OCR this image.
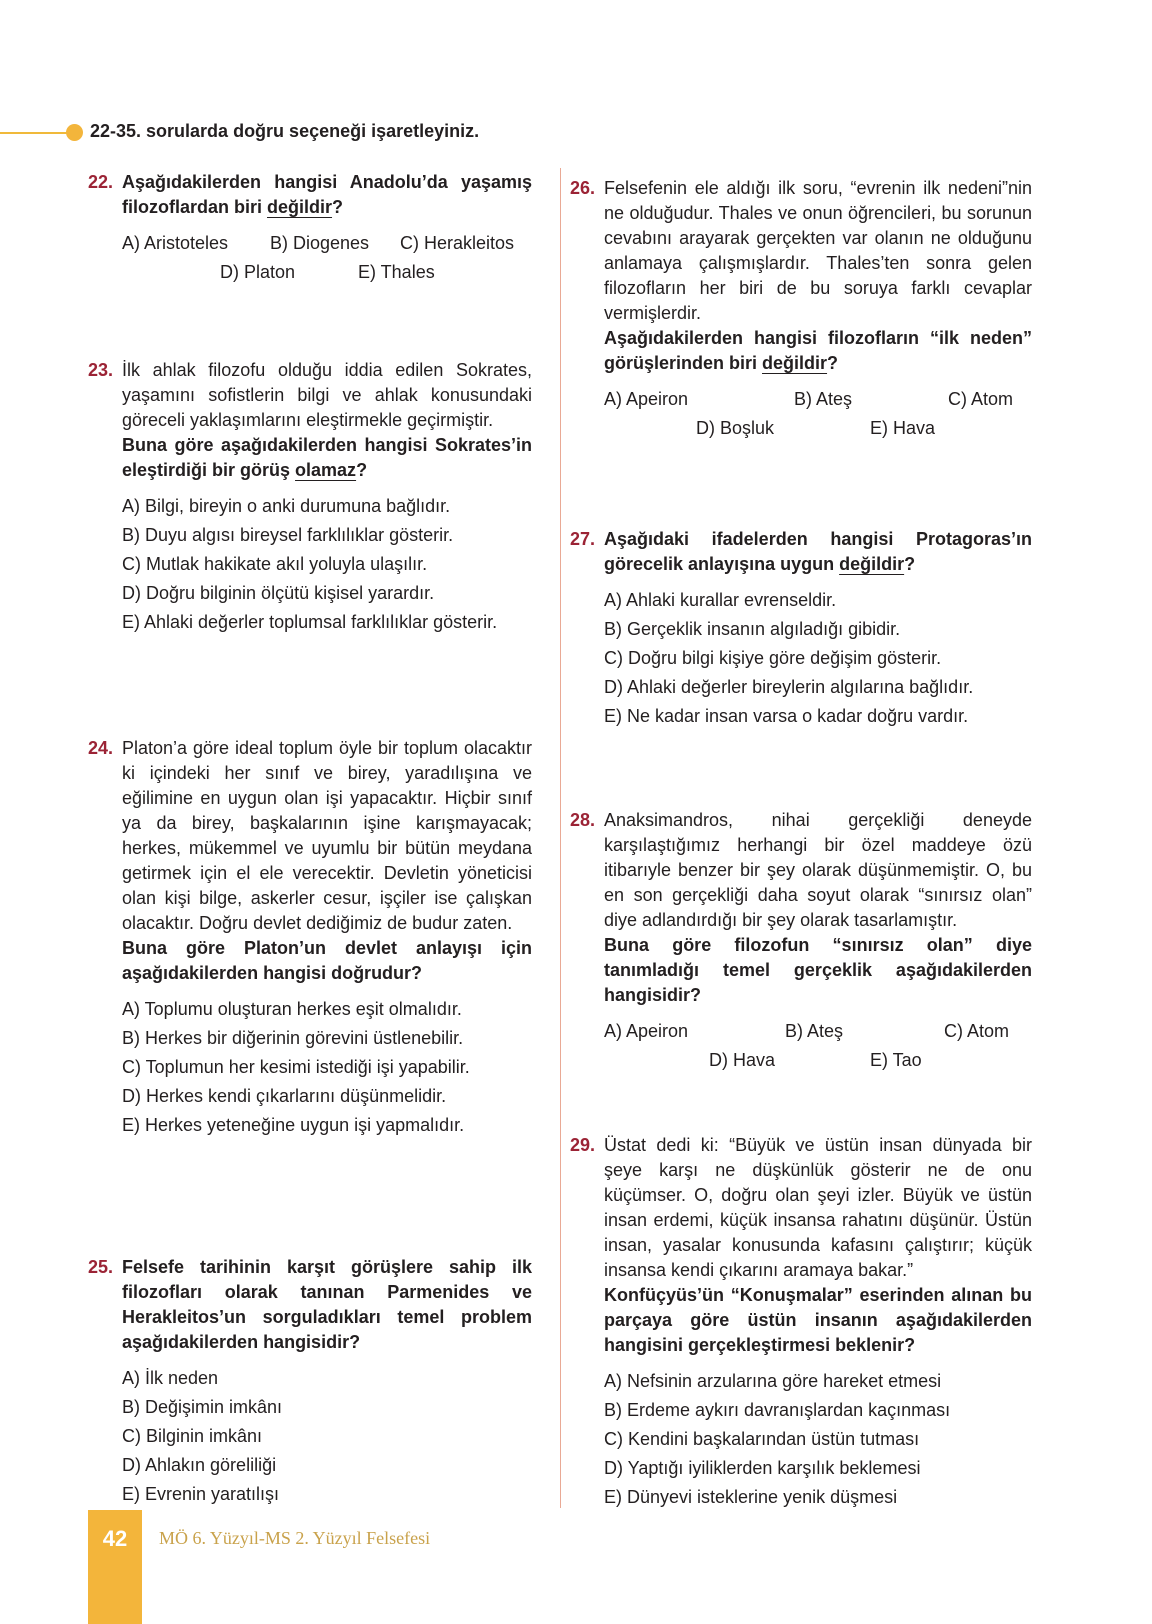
22-35. sorularda doğru seçeneği işaretleyiniz.
22. Aşağıdakilerden hangisi Anadolu’da yaşamış filozoflardan biri değildir?
A) Aristoteles B) Diogenes C) Herakleitos
D) Platon	E) Thales
23. İlk ahlak filozofu olduğu iddia edilen Sokrates, yaşamını sofistlerin bilgi ve ahlak konusundaki göreceli yaklaşımlarını eleştirmekle geçirmiştir.
Buna göre aşağıdakilerden hangisi Sokrates’in eleştirdiği bir görüş olamaz?
A) Bilgi, bireyin o anki durumuna bağlıdır.
B) Duyu algısı bireysel farklılıklar gösterir.
C) Mutlak hakikate akıl yoluyla ulaşılır.
D) Doğru bilginin ölçütü kişisel yarardır.
E) Ahlaki değerler toplumsal farklılıklar gösterir.
24. Platon’a göre ideal toplum öyle bir toplum olacaktır ki içindeki her sınıf ve birey, yaradılışına ve eğilimine en uygun olan işi yapacaktır. Hiçbir sınıf ya da birey, başkalarının işine karışmayacak; herkes, mükemmel ve uyumlu bir bütün meydana getirmek için el ele verecektir. Devletin yöneticisi olan kişi bilge, askerler cesur, işçiler ise çalışkan olacaktır. Doğru devlet dediğimiz de budur zaten.
Buna göre Platon’un devlet anlayışı için aşağıdakilerden hangisi doğrudur?
A) Toplumu oluşturan herkes eşit olmalıdır.
B) Herkes bir diğerinin görevini üstlenebilir.
C) Toplumun her kesimi istediği işi yapabilir.
D) Herkes kendi çıkarlarını düşünmelidir.
E) Herkes yeteneğine uygun işi yapmalıdır.
25. Felsefe tarihinin karşıt görüşlere sahip ilk filozofları olarak tanınan Parmenides ve Herakleitos’un sorguladıkları temel problem aşağıdakilerden hangisidir?
A) İlk neden
B) Değişimin imkânı
C) Bilginin imkânı
D) Ahlakın göreliliği
E) Evrenin yaratılışı
26. Felsefenin ele aldığı ilk soru, “evrenin ilk nedeni”nin ne olduğudur. Thales ve onun öğrencileri, bu sorunun cevabını arayarak gerçekten var olanın ne olduğunu anlamaya çalışmışlardır. Thales’ten sonra gelen filozofların her biri de bu soruya farklı cevaplar vermişlerdir.
Aşağıdakilerden hangisi filozofların “ilk neden” görüşlerinden biri değildir?
A) Apeiron	B) Ateş	C) Atom
D) Boşluk	E) Hava
27. Aşağıdaki ifadelerden hangisi Protagoras’ın görecelik anlayışına uygun değildir?
A) Ahlaki kurallar evrenseldir.
B) Gerçeklik insanın algıladığı gibidir.
C) Doğru bilgi kişiye göre değişim gösterir.
D) Ahlaki değerler bireylerin algılarına bağlıdır.
E) Ne kadar insan varsa o kadar doğru vardır.
28. Anaksimandros, nihai gerçekliği deneyde karşılaştığımız herhangi bir özel maddeye özü itibarıyle benzer bir şey olarak düşünmemiştir. O, bu en son gerçekliği daha soyut olarak “sınırsız olan” diye adlandırdığı bir şey olarak tasarlamıştır.
Buna göre filozofun “sınırsız olan” diye tanımladığı temel gerçeklik aşağıdakilerden hangisidir?
A) Apeiron	B) Ateş	C) Atom
D) Hava	E) Tao
29. Üstat dedi ki: “Büyük ve üstün insan dünyada bir şeye karşı ne düşkünlük gösterir ne de onu küçümser. O, doğru olan şeyi izler. Büyük ve üstün insan erdemi, küçük insansa rahatını düşünür. Üstün insan, yasalar konusunda kafasını çalıştırır; küçük insansa kendi çıkarını aramaya bakar.”
Konfüçyüs’ün “Konuşmalar” eserinden alınan bu parçaya göre üstün insanın aşağıdakilerden hangisini gerçekleştirmesi beklenir?
A) Nefsinin arzularına göre hareket etmesi
B) Erdeme aykırı davranışlardan kaçınması
C) Kendini başkalarından üstün tutması
D) Yaptığı iyiliklerden karşılık beklemesi
E) Dünyevi isteklerine yenik düşmesi
42	MÖ 6. Yüzyıl-MS 2. Yüzyıl Felsefesi
